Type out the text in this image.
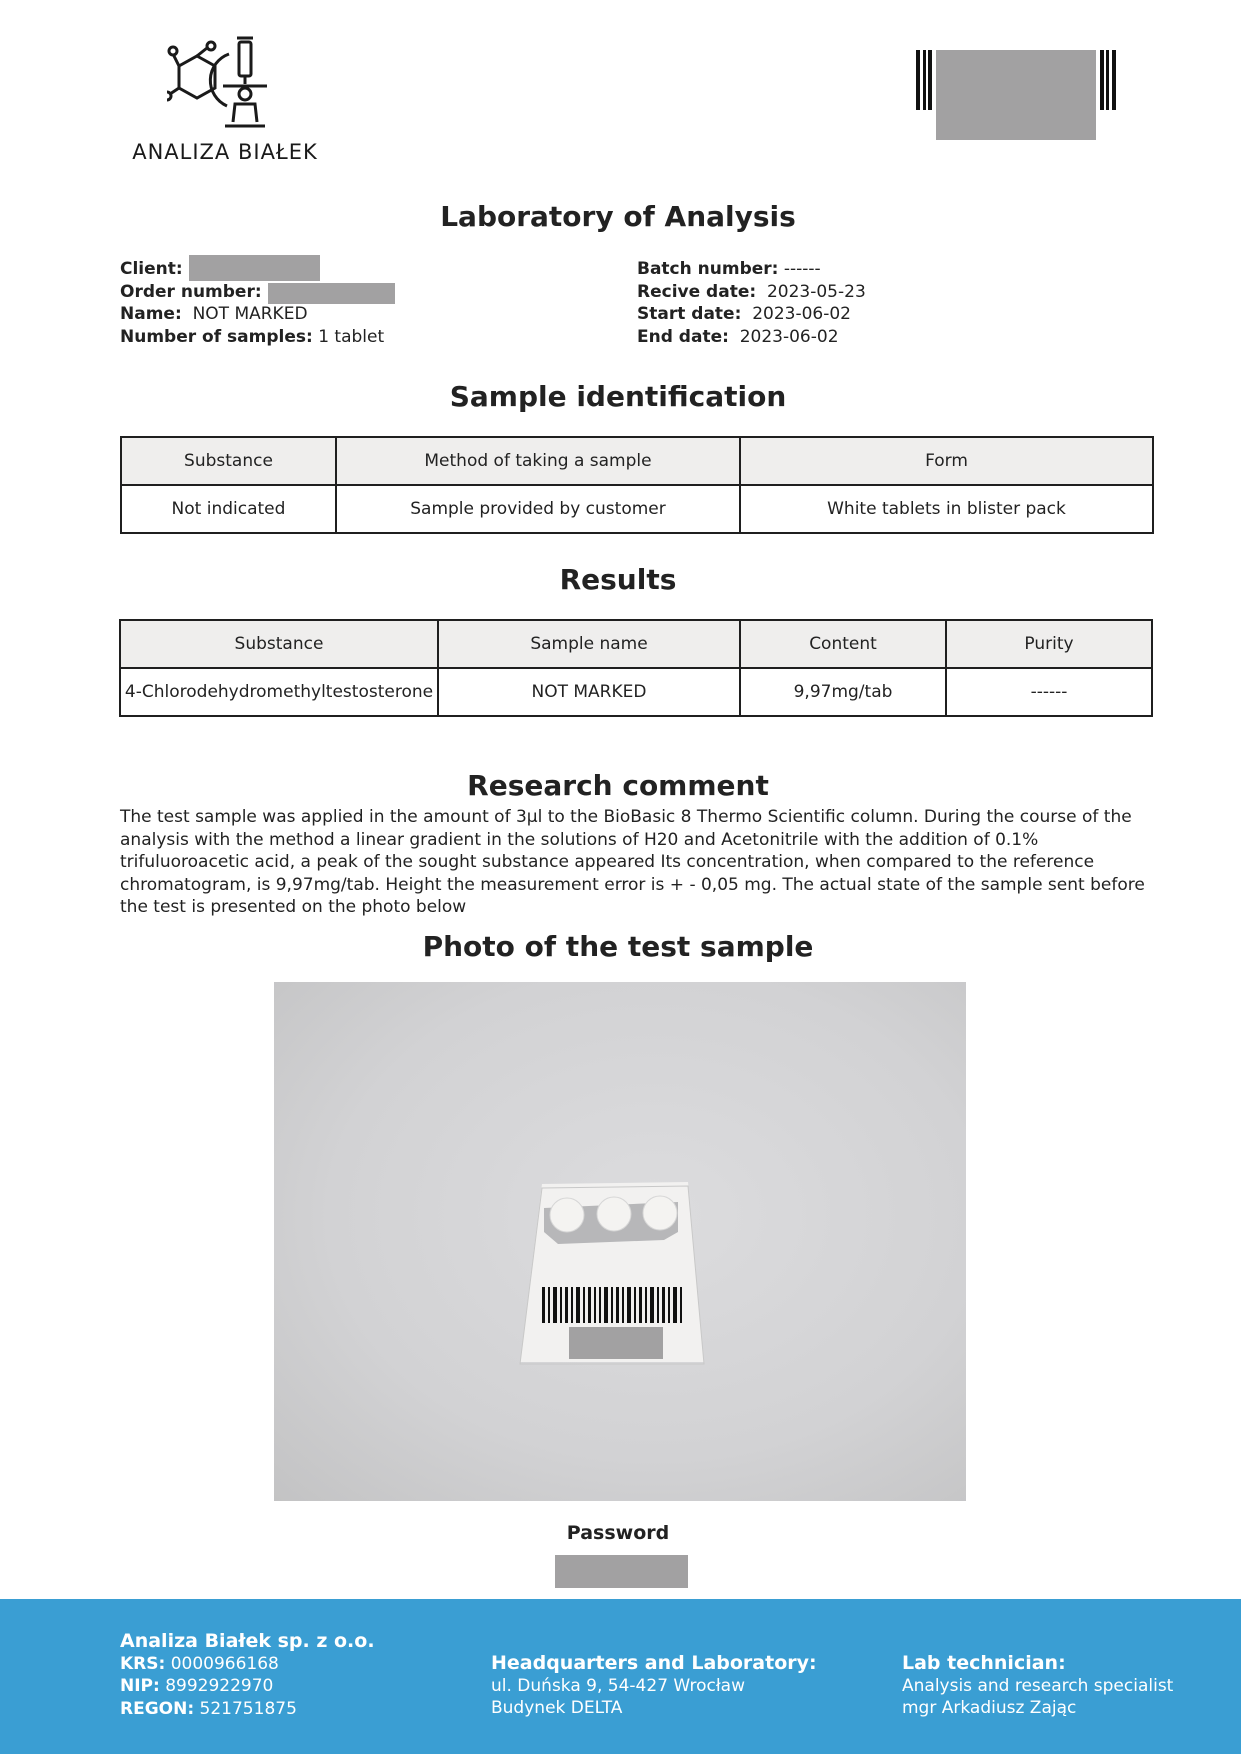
ANALIZA BIAŁEK
Laboratory of Analysis
Client:
Order number:
Name: NOT MARKED
Number of samples: 1 tablet
Batch number: ------
Recive date: 2023-05-23
Start date: 2023-06-02
End date: 2023-06-02
Sample identification
Substance	Method of taking a sample	Form
Not indicated	Sample provided by customer	White tablets in blister pack
Results
Substance	Sample name	Content	Purity
4-Chlorodehydromethyltestosterone	NOT MARKED	9,97mg/tab	------
Research comment
The test sample was applied in the amount of 3µl to the BioBasic 8 Thermo Scientific column. During the course of the analysis with the method a linear gradient in the solutions of H20 and Acetonitrile with the addition of 0.1% trifuluoroacetic acid, a peak of the sought substance appeared Its concentration, when compared to the reference chromatogram, is 9,97mg/tab. Height the measurement error is + - 0,05 mg. The actual state of the sample sent before the test is presented on the photo below
Photo of the test sample
Password
Analiza Białek sp. z o.o.
KRS: 0000966168
NIP: 8992922970
REGON: 521751875
Headquarters and Laboratory:
ul. Duńska 9, 54-427 Wrocław
Budynek DELTA
Lab technician:
Analysis and research specialist
mgr Arkadiusz Zając
